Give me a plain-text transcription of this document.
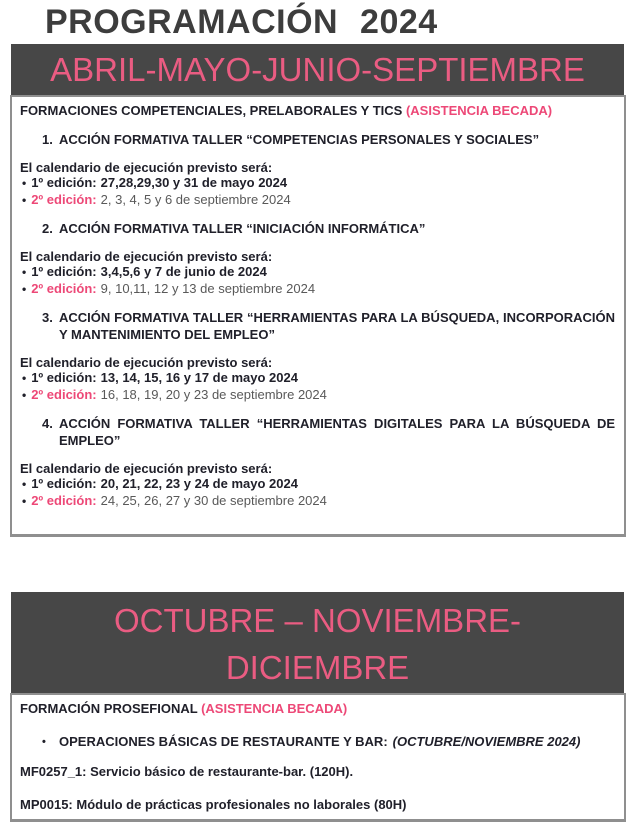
PROGRAMACIÓN 2024
ABRIL-MAYO-JUNIO-SEPTIEMBRE

FORMACIONES COMPETENCIALES, PRELABORALES Y TICS (ASISTENCIA BECADA)

1. ACCIÓN FORMATIVA TALLER “COMPETENCIAS PERSONALES Y SOCIALES”

El calendario de ejecución previsto será:

• 1º edición: 27,28,29,30 y 31 de mayo 2024

• 2º edición: 2, 3, 4, 5 y 6 de septiembre 2024

2. ACCIÓN FORMATIVA TALLER “INICIACIÓN INFORMÁTICA”

El calendario de ejecución previsto será:

• 1º edición: 3,4,5,6 y 7 de junio de 2024

• 2º edición: 9, 10,11, 12 y 13 de septiembre 2024

3. ACCIÓN FORMATIVA TALLER “HERRAMIENTAS PARA LA BÚSQUEDA, INCORPORACIÓN Y MANTENIMIENTO DEL EMPLEO”

El calendario de ejecución previsto será:

• 1º edición: 13, 14, 15, 16 y 17 de mayo 2024

• 2º edición: 16, 18, 19, 20 y 23 de septiembre 2024

4. ACCIÓN FORMATIVA TALLER “HERRAMIENTAS DIGITALES PARA LA BÚSQUEDA DE EMPLEO”

El calendario de ejecución previsto será:

• 1º edición: 20, 21, 22, 23 y 24 de mayo 2024

• 2º edición: 24, 25, 26, 27 y 30 de septiembre 2024

OCTUBRE – NOVIEMBRE-
DICIEMBRE

FORMACIÓN PROSEFIONAL (ASISTENCIA BECADA)

•	OPERACIONES BÁSICAS DE RESTAURANTE Y BAR: (OCTUBRE/NOVIEMBRE 2024)

MF0257_1: Servicio básico de restaurante-bar. (120H).

MP0015: Módulo de prácticas profesionales no laborales (80H)
